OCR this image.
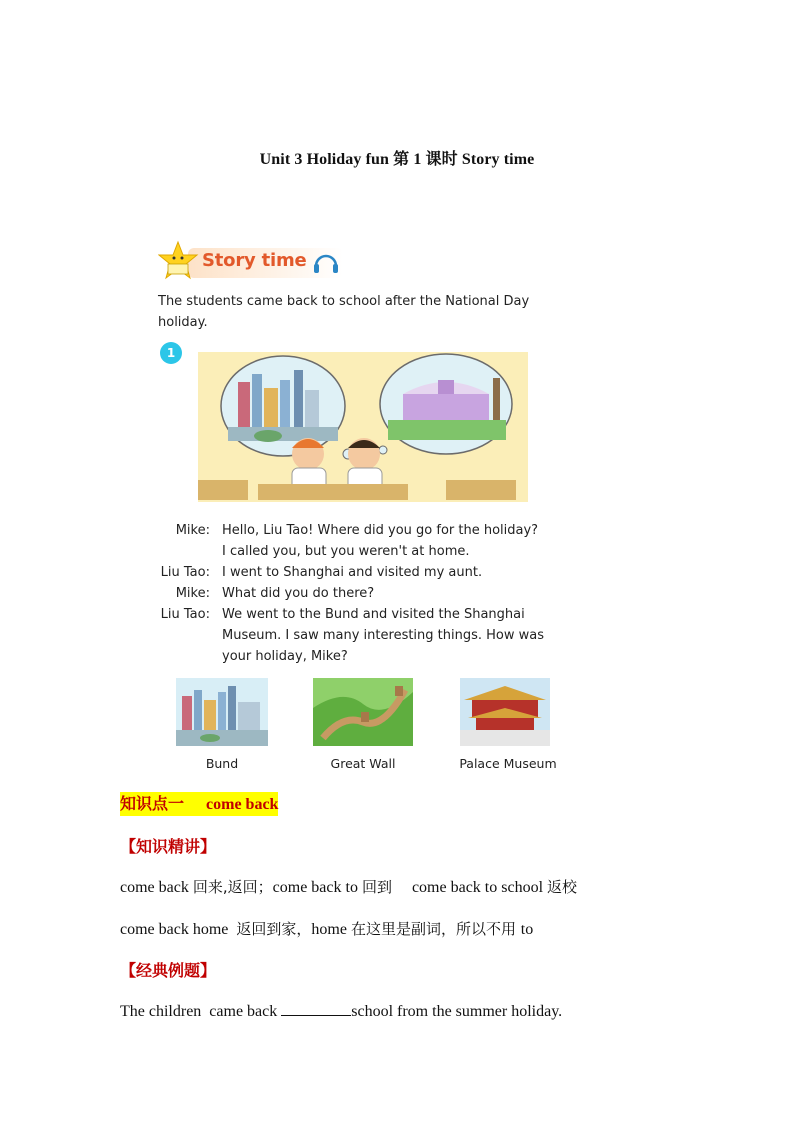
Unit 3 Holiday fun 第 1 课时 Story time
Story time
The students came back to school after the National Day holiday.
1
Mike: Hello, Liu Tao! Where did you go for the holiday?
I called you, but you weren't at home.
Liu Tao: I went to Shanghai and visited my aunt.
Mike: What did you do there?
Liu Tao: We went to the Bund and visited the Shanghai
Museum. I saw many interesting things. How was
your holiday, Mike?
Bund	Great Wall	Palace Museum
知识点一 come back
【知识精讲】
come back 回来,返回；come back to 回到 come back to school 返校
come back home  返回到家，home 在这里是副词，所以不用 to
【经典例题】
The children  came back	school from the summer holiday.
